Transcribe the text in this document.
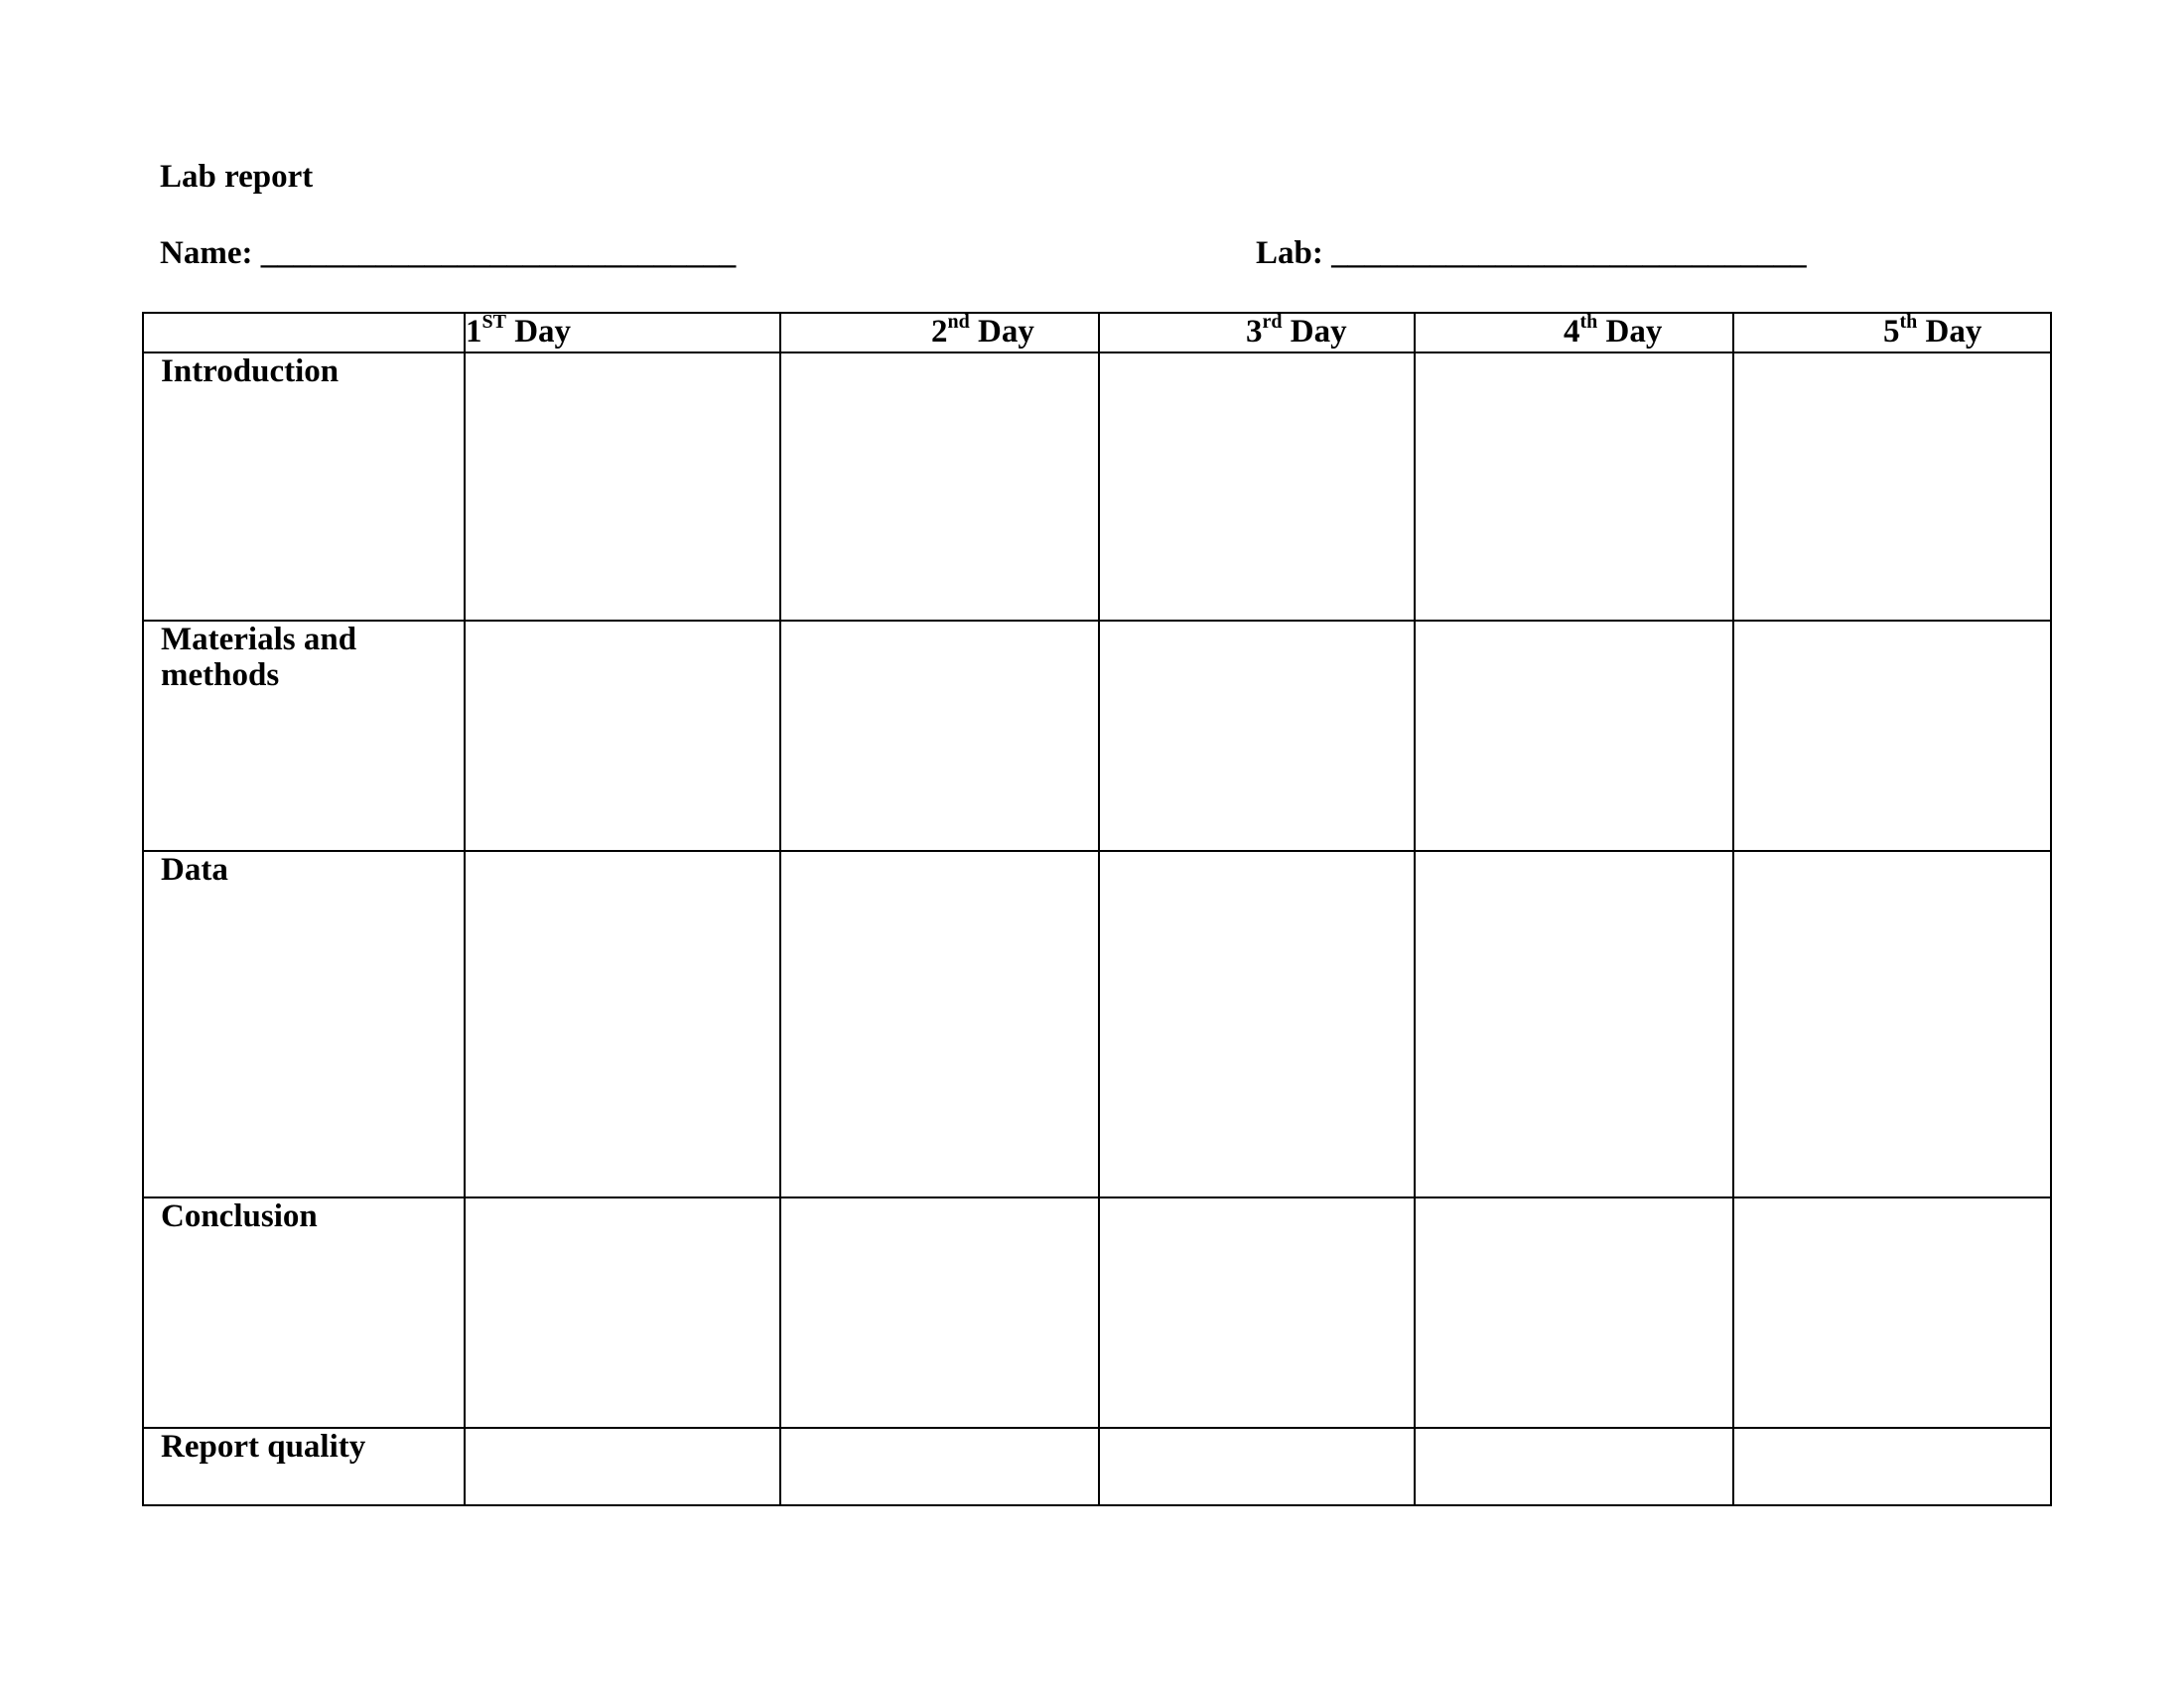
Lab report
Name: _____________________________	Lab: _____________________________
	1ST Day	2nd Day	3rd Day	4th Day	5th Day

Introduction					

Materials and
methods					

Data					

Conclusion					

Report quality					
